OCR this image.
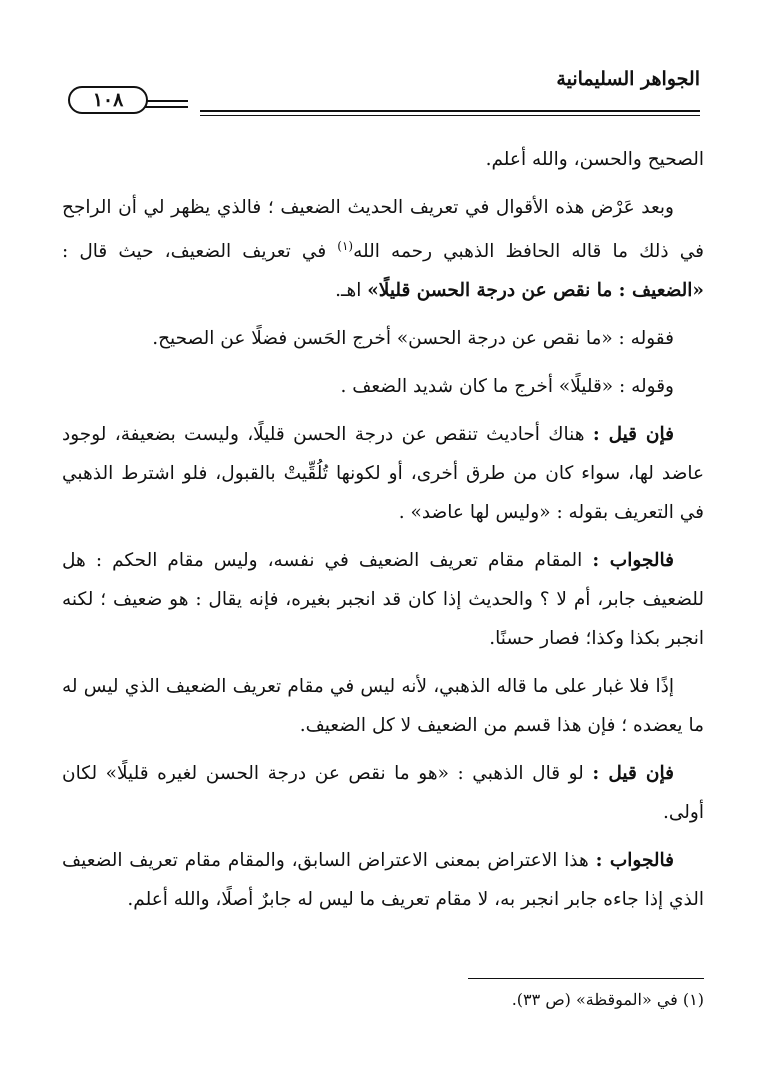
الجواهر السليمانية
١٠٨

الصحيح والحسن، والله أعلم.

وبعد عَرْض هذه الأقوال في تعريف الحديث الضعيف ؛ فالذي يظهر لي أن الراجح في ذلك ما قاله الحافظ الذهبي رحمه الله$^{(١)}$ في تعريف الضعيف، حيث قال : «الضعيف : ما نقص عن درجة الحسن قليلًا» اهـ.

فقوله : «ما نقص عن درجة الحسن» أخرج الحَسن فضلًا عن الصحيح.

وقوله : «قليلًا» أخرج ما كان شديد الضعف .

فإن قيل : هناك أحاديث تنقص عن درجة الحسن قليلًا، وليست بضعيفة، لوجود عاضد لها، سواء كان من طرق أخرى، أو لكونها تُلُقِّيتْ بالقبول، فلو اشترط الذهبي في التعريف بقوله : «وليس لها عاضد» .

فالجواب : المقام مقام تعريف الضعيف في نفسه، وليس مقام الحكم : هل للضعيف جابر، أم لا ؟ والحديث إذا كان قد انجبر بغيره، فإنه يقال : هو ضعيف ؛ لكنه انجبر بكذا وكذا؛ فصار حسنًا.

إذًا فلا غبار على ما قاله الذهبي، لأنه ليس في مقام تعريف الضعيف الذي ليس له ما يعضده ؛ فإن هذا قسم من الضعيف لا كل الضعيف.

فإن قيل : لو قال الذهبي : «هو ما نقص عن درجة الحسن لغيره قليلًا» لكان أولى.

فالجواب : هذا الاعتراض بمعنى الاعتراض السابق، والمقام مقام تعريف الضعيف الذي إذا جاءه جابر انجبر به، لا مقام تعريف ما ليس له جابرٌ أصلًا، والله أعلم.

(١) في «الموقظة» (ص ٣٣).
